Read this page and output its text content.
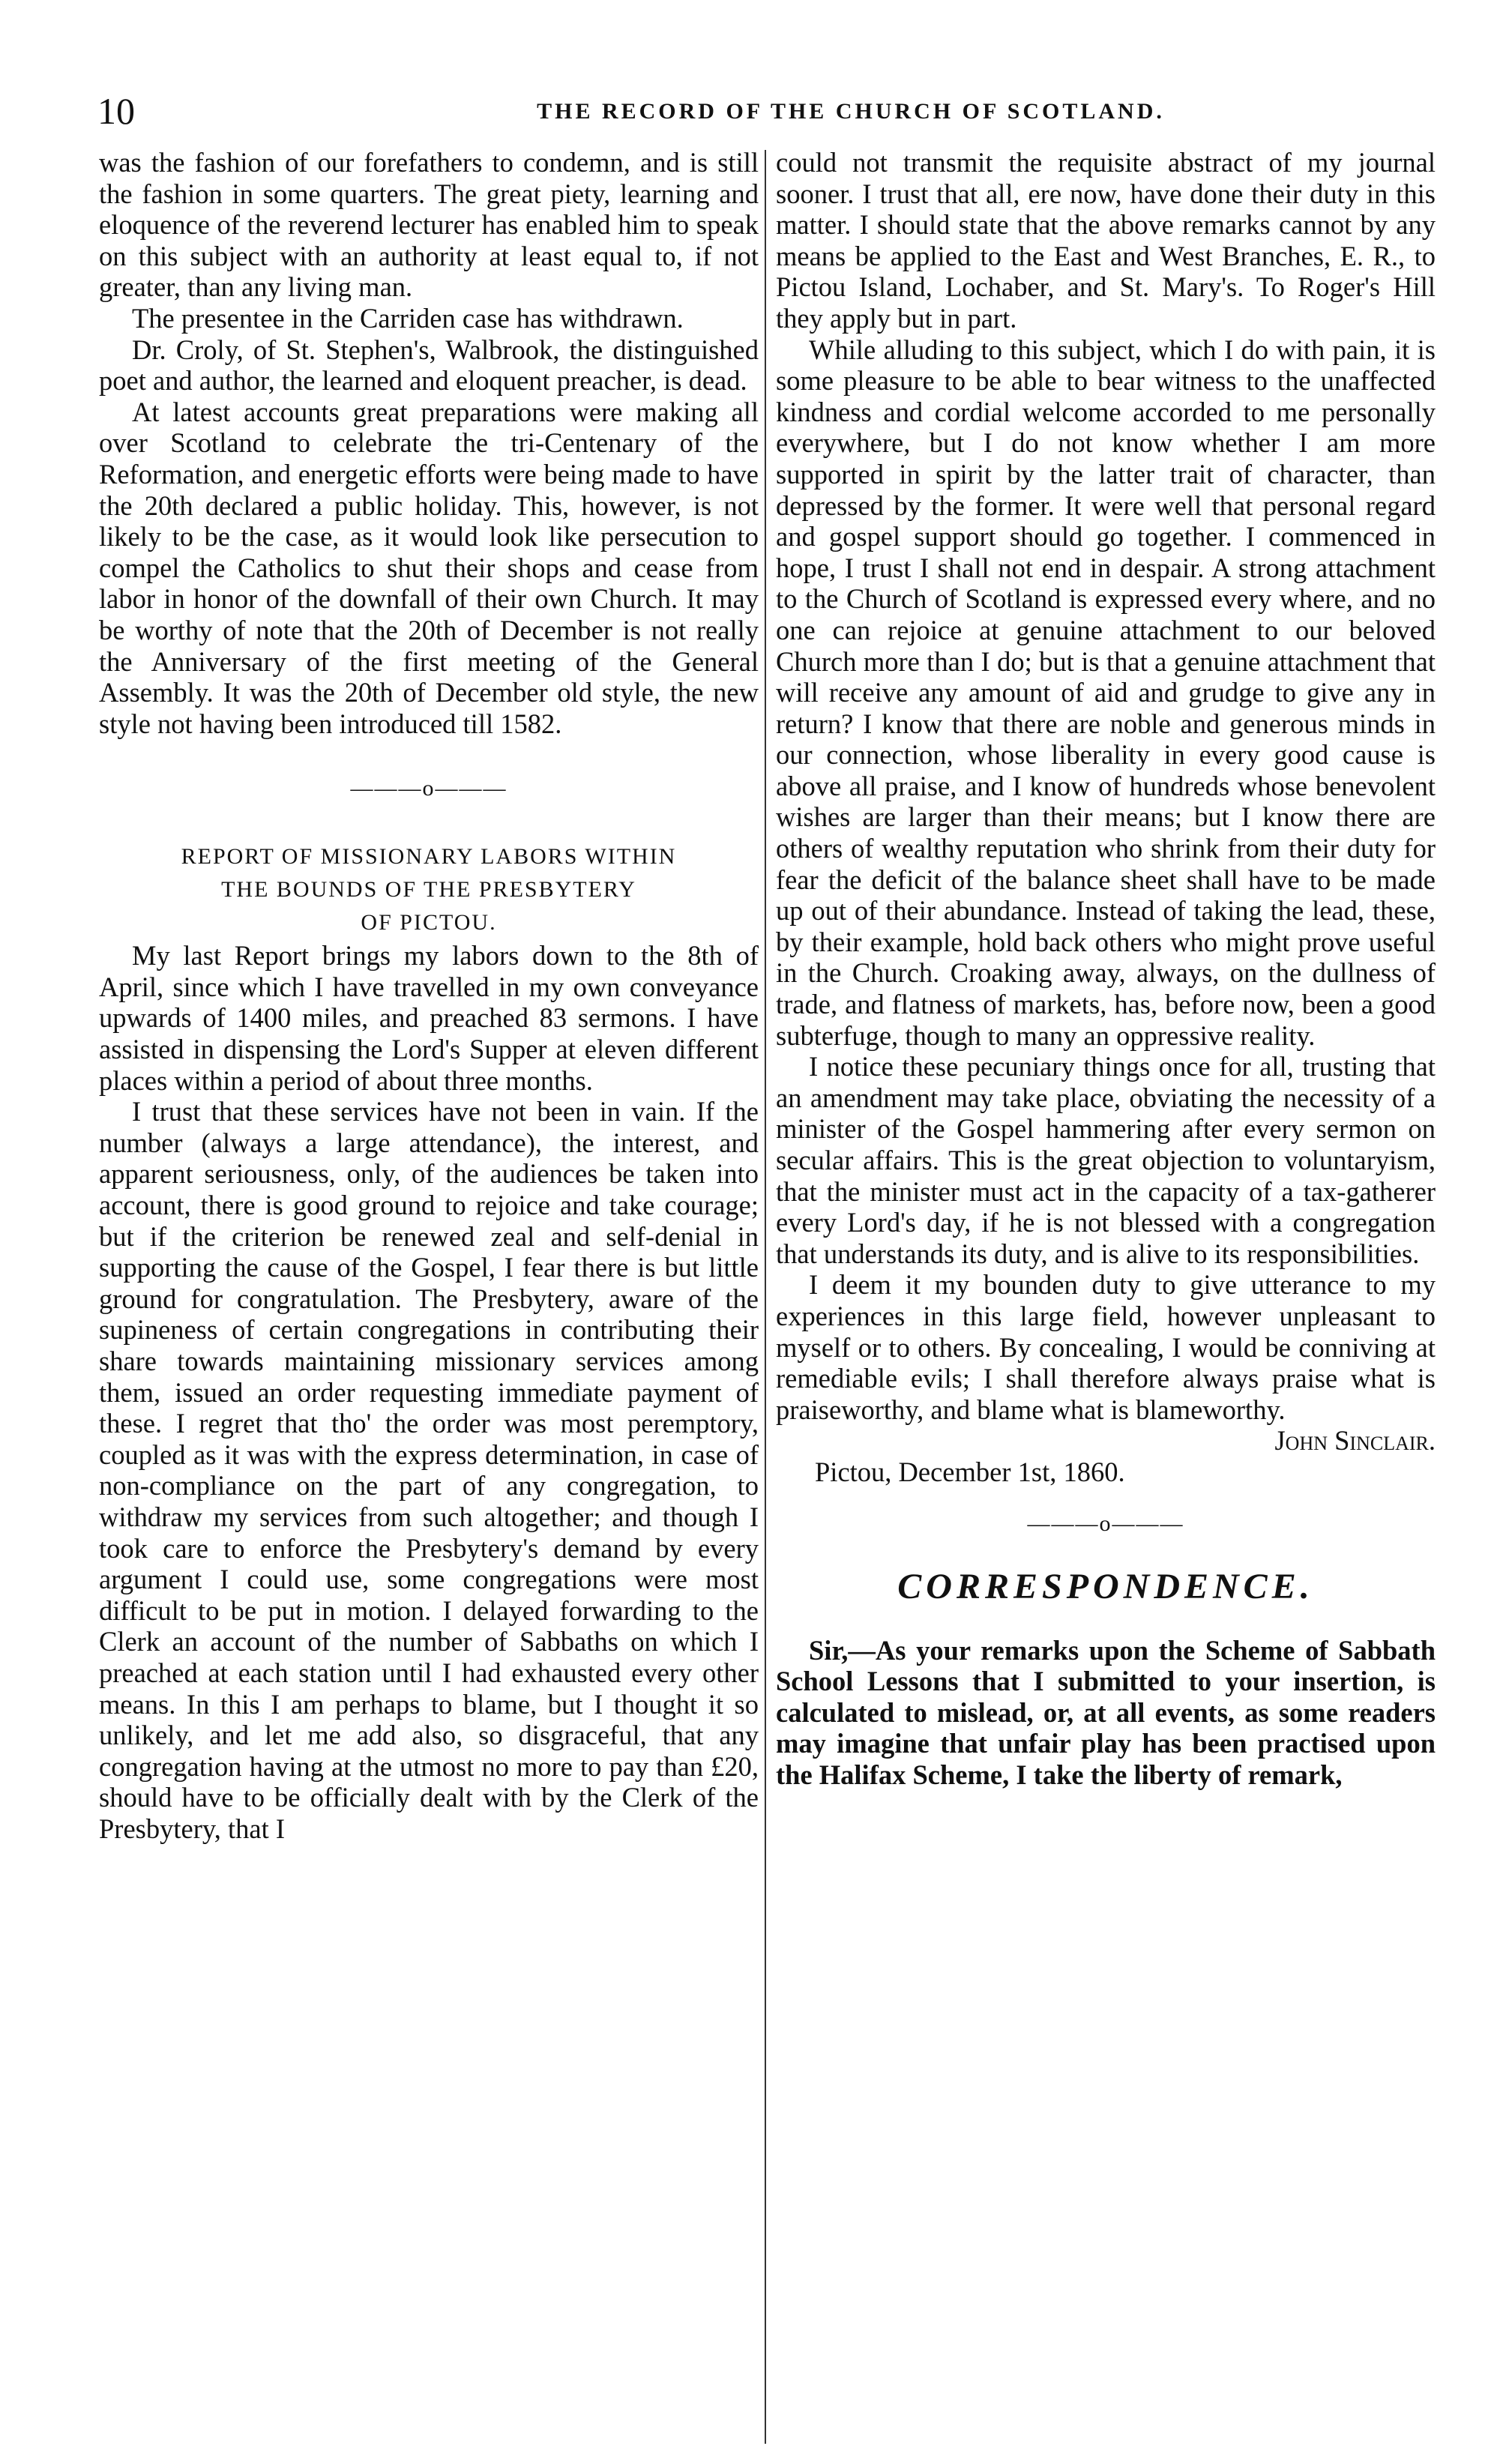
10	THE RECORD OF THE CHURCH OF SCOTLAND.

was the fashion of our forefathers to condemn, and is still the fashion in some quarters. The great piety, learning and eloquence of the reverend lecturer has enabled him to speak on this subject with an authority at least equal to, if not greater, than any living man.

The presentee in the Carriden case has withdrawn.

Dr. Croly, of St. Stephen's, Walbrook, the distinguished poet and author, the learned and eloquent preacher, is dead.

At latest accounts great preparations were making all over Scotland to celebrate the tri-Centenary of the Reformation, and energetic efforts were being made to have the 20th declared a public holiday. This, however, is not likely to be the case, as it would look like persecution to compel the Catholics to shut their shops and cease from labor in honor of the downfall of their own Church. It may be worthy of note that the 20th of December is not really the Anniversary of the first meeting of the General Assembly. It was the 20th of December old style, the new style not having been introduced till 1582.

———o———
REPORT OF MISSIONARY LABORS WITHIN
THE BOUNDS OF THE PRESBYTERY
OF PICTOU.

My last Report brings my labors down to the 8th of April, since which I have travelled in my own conveyance upwards of 1400 miles, and preached 83 sermons. I have assisted in dispensing the Lord's Supper at eleven different places within a period of about three months.

I trust that these services have not been in vain. If the number (always a large attendance), the interest, and apparent seriousness, only, of the audiences be taken into account, there is good ground to rejoice and take courage; but if the criterion be renewed zeal and self-denial in supporting the cause of the Gospel, I fear there is but little ground for congratulation. The Presbytery, aware of the supineness of certain congregations in contributing their share towards maintaining missionary services among them, issued an order requesting immediate payment of these. I regret that tho' the order was most peremptory, coupled as it was with the express determination, in case of non-compliance on the part of any congregation, to withdraw my services from such altogether; and though I took care to enforce the Presbytery's demand by every argument I could use, some congregations were most difficult to be put in motion. I delayed forwarding to the Clerk an account of the number of Sabbaths on which I preached at each station until I had exhausted every other means. In this I am perhaps to blame, but I thought it so unlikely, and let me add also, so disgraceful, that any congregation having at the utmost no more to pay than £20, should have to be officially dealt with by the Clerk of the Presbytery, that I

could not transmit the requisite abstract of my journal sooner. I trust that all, ere now, have done their duty in this matter. I should state that the above remarks cannot by any means be applied to the East and West Branches, E. R., to Pictou Island, Lochaber, and St. Mary's. To Roger's Hill they apply but in part.

While alluding to this subject, which I do with pain, it is some pleasure to be able to bear witness to the unaffected kindness and cordial welcome accorded to me personally everywhere, but I do not know whether I am more supported in spirit by the latter trait of character, than depressed by the former. It were well that personal regard and gospel support should go together. I commenced in hope, I trust I shall not end in despair. A strong attachment to the Church of Scotland is expressed every where, and no one can rejoice at genuine attachment to our beloved Church more than I do; but is that a genuine attachment that will receive any amount of aid and grudge to give any in return? I know that there are noble and generous minds in our connection, whose liberality in every good cause is above all praise, and I know of hundreds whose benevolent wishes are larger than their means; but I know there are others of wealthy reputation who shrink from their duty for fear the deficit of the balance sheet shall have to be made up out of their abundance. Instead of taking the lead, these, by their example, hold back others who might prove useful in the Church. Croaking away, always, on the dullness of trade, and flatness of markets, has, before now, been a good subterfuge, though to many an oppressive reality.

I notice these pecuniary things once for all, trusting that an amendment may take place, obviating the necessity of a minister of the Gospel hammering after every sermon on secular affairs. This is the great objection to voluntaryism, that the minister must act in the capacity of a tax-gatherer every Lord's day, if he is not blessed with a congregation that understands its duty, and is alive to its responsibilities.

I deem it my bounden duty to give utterance to my experiences in this large field, however unpleasant to myself or to others. By concealing, I would be conniving at remediable evils; I shall therefore always praise what is praiseworthy, and blame what is blameworthy.

John Sinclair.

Pictou, December 1st, 1860.

———o———
CORRESPONDENCE.

Sir,—As your remarks upon the Scheme of Sabbath School Lessons that I submitted to your insertion, is calculated to mislead, or, at all events, as some readers may imagine that unfair play has been practised upon the Halifax Scheme, I take the liberty of remark,
